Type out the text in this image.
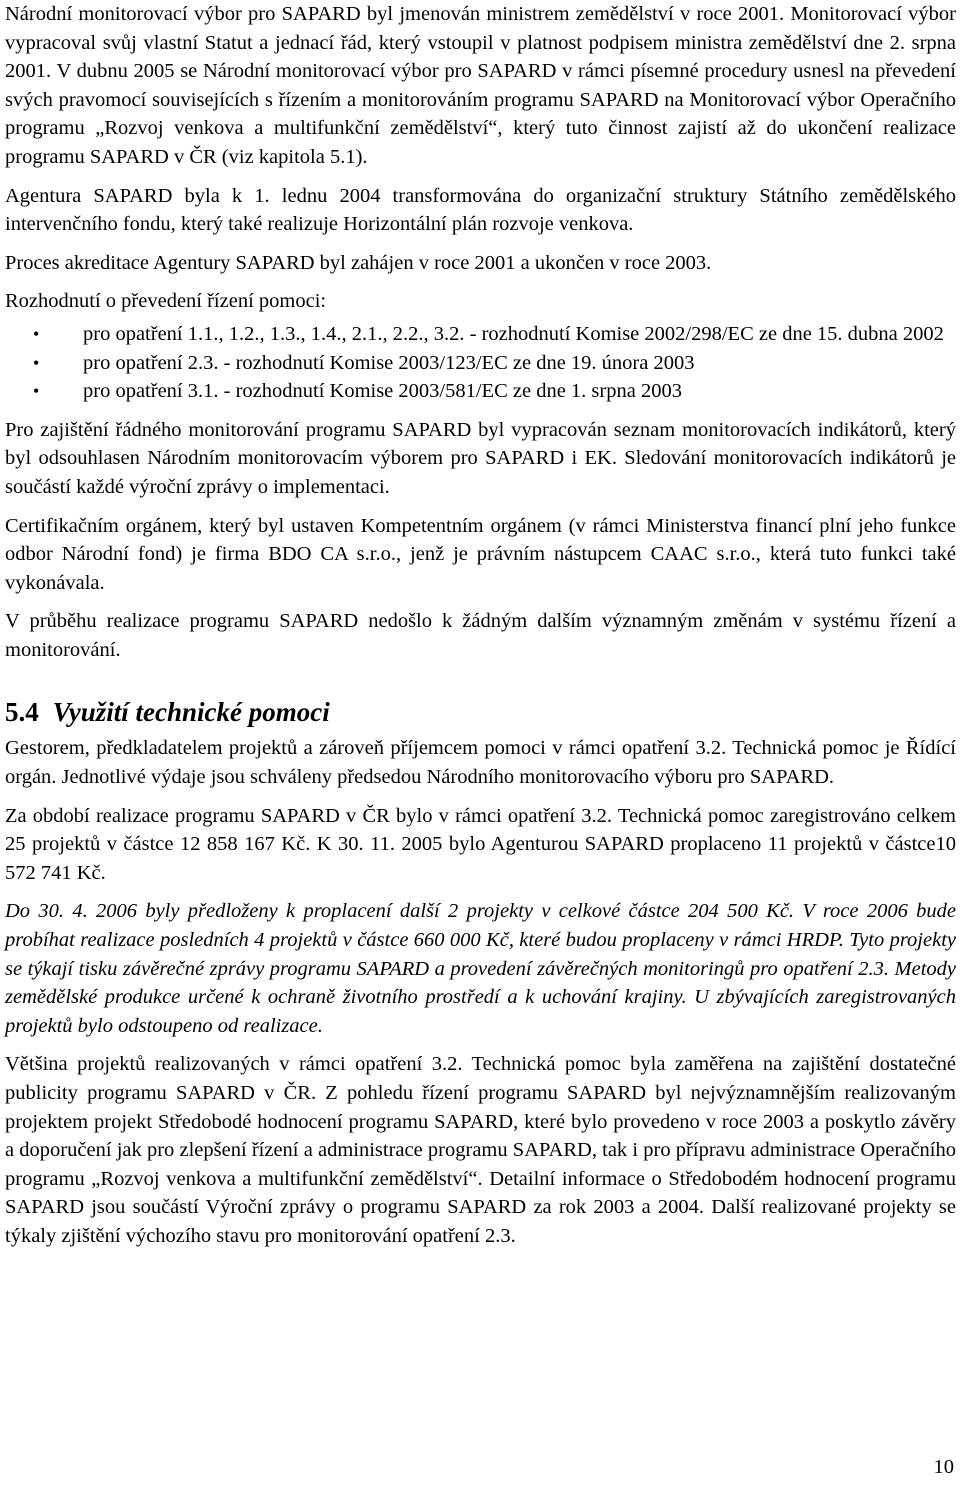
Národní monitorovací výbor pro SAPARD byl jmenován ministrem zemědělství v roce 2001. Monitorovací výbor vypracoval svůj vlastní Statut a jednací řád, který vstoupil v platnost podpisem ministra zemědělství dne 2. srpna 2001. V dubnu 2005 se Národní monitorovací výbor pro SAPARD v rámci písemné procedury usnesl na převedení svých pravomocí souvisejících s řízením a monitorováním programu SAPARD na Monitorovací výbor Operačního programu „Rozvoj venkova a multifunkční zemědělství“, který tuto činnost zajistí až do ukončení realizace programu SAPARD v ČR (viz kapitola 5.1).

Agentura SAPARD byla k 1. lednu 2004 transformována do organizační struktury Státního zemědělského intervenčního fondu, který také realizuje Horizontální plán rozvoje venkova.

Proces akreditace Agentury SAPARD byl zahájen v roce 2001 a ukončen v roce 2003.

Rozhodnutí o převedení řízení pomoci:

• pro opatření 1.1., 1.2., 1.3., 1.4., 2.1., 2.2., 3.2. - rozhodnutí Komise 2002/298/EC ze dne 15. dubna 2002
• pro opatření 2.3. - rozhodnutí Komise 2003/123/EC ze dne 19. února 2003
• pro opatření 3.1. - rozhodnutí Komise 2003/581/EC ze dne 1. srpna 2003

Pro zajištění řádného monitorování programu SAPARD byl vypracován seznam monitorovacích indikátorů, který byl odsouhlasen Národním monitorovacím výborem pro SAPARD i EK. Sledování monitorovacích indikátorů je součástí každé výroční zprávy o implementaci.

Certifikačním orgánem, který byl ustaven Kompetentním orgánem (v rámci Ministerstva financí plní jeho funkce odbor Národní fond) je firma BDO CA s.r.o., jenž je právním nástupcem CAAC s.r.o., která tuto funkci také vykonávala.

V průběhu realizace programu SAPARD nedošlo k žádným dalším významným změnám v systému řízení a monitorování.

5.4 Využití technické pomoci

Gestorem, předkladatelem projektů a zároveň příjemcem pomoci v rámci opatření 3.2. Technická pomoc je Řídící orgán. Jednotlivé výdaje jsou schváleny předsedou Národního monitorovacího výboru pro SAPARD.

Za období realizace programu SAPARD v ČR bylo v rámci opatření 3.2. Technická pomoc zaregistrováno celkem 25 projektů v částce 12 858 167 Kč. K 30. 11. 2005 bylo Agenturou SAPARD proplaceno 11 projektů v částce10 572 741 Kč.

Do 30. 4. 2006 byly předloženy k proplacení další 2 projekty v celkové částce 204 500 Kč. V roce 2006 bude probíhat realizace posledních 4 projektů v částce 660 000 Kč, které budou proplaceny v rámci HRDP. Tyto projekty se týkají tisku závěrečné zprávy programu SAPARD a provedení závěrečných monitoringů pro opatření 2.3. Metody zemědělské produkce určené k ochraně životního prostředí a k uchování krajiny. U zbývajících zaregistrovaných projektů bylo odstoupeno od realizace.

Většina projektů realizovaných v rámci opatření 3.2. Technická pomoc byla zaměřena na zajištění dostatečné publicity programu SAPARD v ČR. Z pohledu řízení programu SAPARD byl nejvýznamnějším realizovaným projektem projekt Středobodé hodnocení programu SAPARD, které bylo provedeno v roce 2003 a poskytlo závěry a doporučení jak pro zlepšení řízení a administrace programu SAPARD, tak i pro přípravu administrace Operačního programu „Rozvoj venkova a multifunkční zemědělství“. Detailní informace o Středobodém hodnocení programu SAPARD jsou součástí Výroční zprávy o programu SAPARD za rok 2003 a 2004. Další realizované projekty se týkaly zjištění výchozího stavu pro monitorování opatření 2.3.

10
